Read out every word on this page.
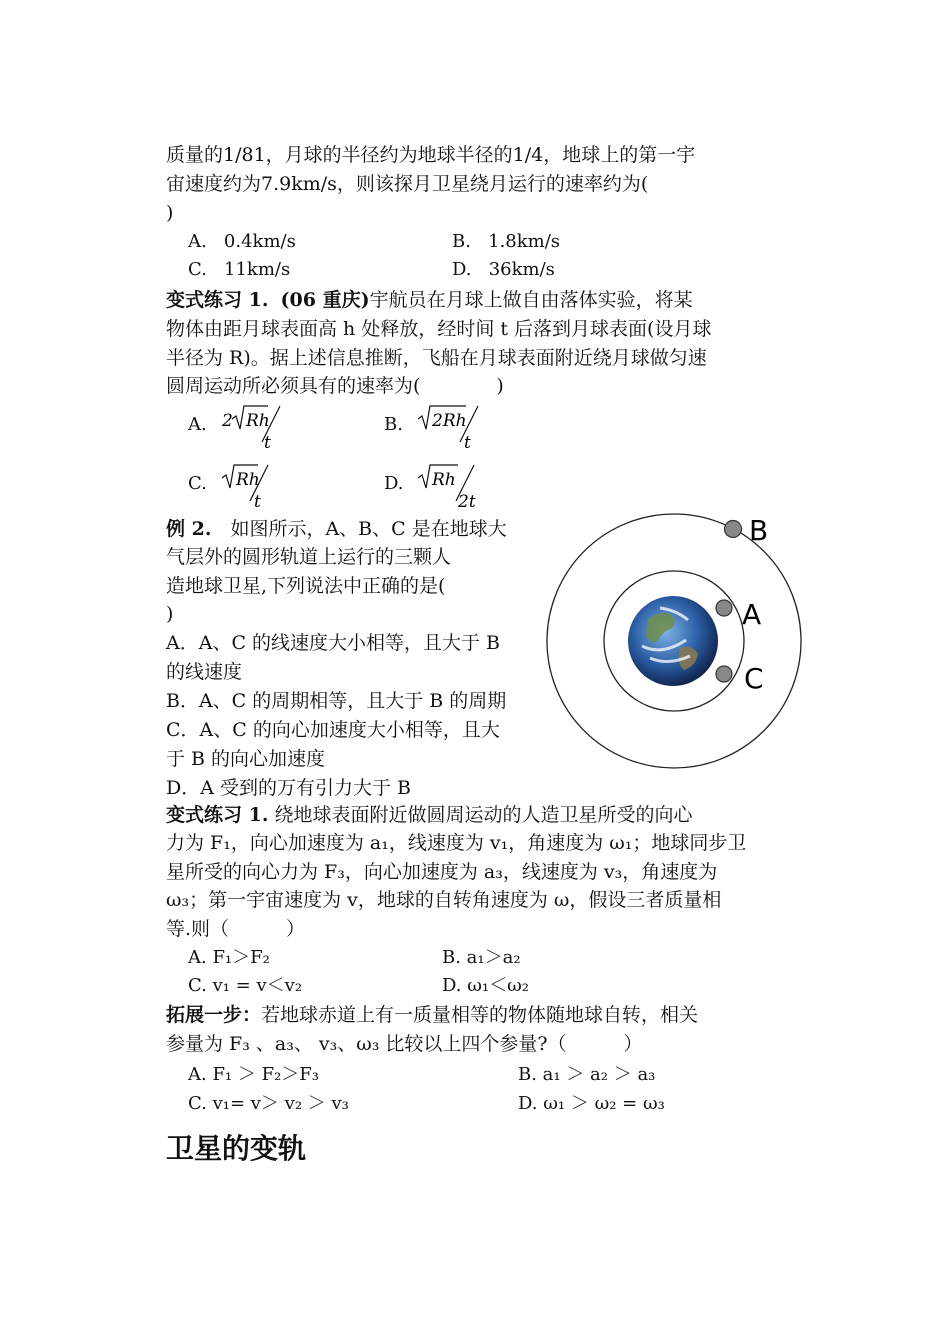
质量的1/81，月球的半径约为地球半径的1/4，地球上的第一宇
宙速度约为7.9km/s，则该探月卫星绕月运行的速率约为(
)
A. 0.4km/s	B. 1.8km/s
C. 11km/s	D. 36km/s
变式练习 1. (06 重庆)宇航员在月球上做自由落体实验，将某
物体由距月球表面高 h 处释放，经时间 t 后落到月球表面(设月球
半径为 R)。据上述信息推断，飞船在月球表面附近绕月球做匀速
圆周运动所必须具有的速率为(　　　　)
A. 2 Rh
t
B. 2Rh
t
C. Rh
t
D. Rh
2t
例 2.　如图所示，A、B、C 是在地球大
气层外的圆形轨道上运行的三颗人
造地球卫星,下列说法中正确的是(
)
A．A、C 的线速度大小相等，且大于 B
的线速度
B．A、C 的周期相等，且大于 B 的周期
C．A、C 的向心加速度大小相等，且大
于 B 的向心加速度
D．A 受到的万有引力大于 B
B
A
C
变式练习 1. 绕地球表面附近做圆周运动的人造卫星所受的向心
力为 F₁，向心加速度为 a₁，线速度为 v₁，角速度为 ω₁；地球同步卫
星所受的向心力为 F₃，向心加速度为 a₃，线速度为 v₃，角速度为
ω₃；第一宇宙速度为 v，地球的自转角速度为 ω，假设三者质量相
等.则（　　　）
A. F₁＞F₂	B. a₁＞a₂
C. v₁ = v＜v₂	D. ω₁＜ω₂
拓展一步：若地球赤道上有一质量相等的物体随地球自转，相关
参量为 F₃ 、a₃、 v₃、ω₃ 比较以上四个参量?（　　　）
A. F₁ ＞ F₂＞F₃	B. a₁ ＞ a₂ ＞ a₃
C. v₁= v＞ v₂ ＞ v₃	D. ω₁ ＞ ω₂ = ω₃
卫星的变轨
